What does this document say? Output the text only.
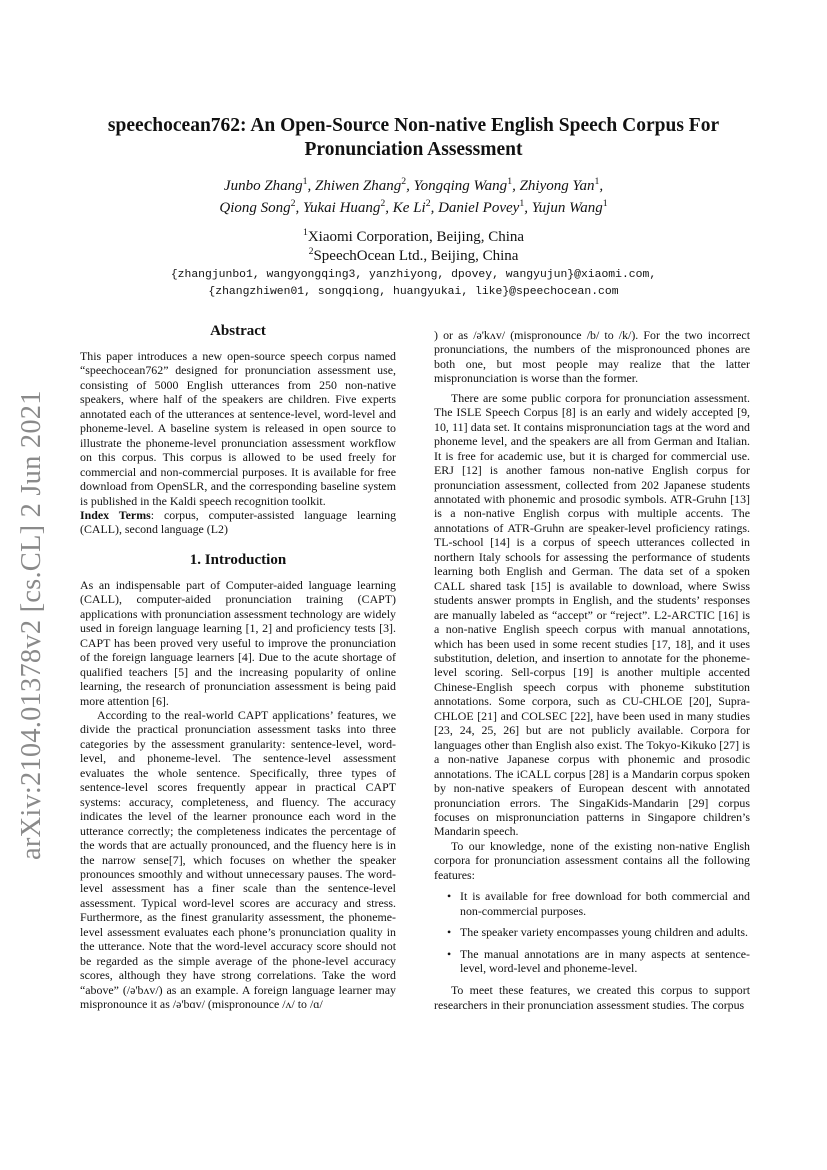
arXiv:2104.01378v2 [cs.CL] 2 Jun 2021
speechocean762: An Open-Source Non-native English Speech Corpus For Pronunciation Assessment
Junbo Zhang$^1$, Zhiwen Zhang$^2$, Yongqing Wang$^1$, Zhiyong Yan$^1$,
Qiong Song$^2$, Yukai Huang$^2$, Ke Li$^2$, Daniel Povey$^1$, Yujun Wang$^1$
$^1$Xiaomi Corporation, Beijing, China
$^2$SpeechOcean Ltd., Beijing, China
{zhangjunbo1, wangyongqing3, yanzhiyong, dpovey, wangyujun}@xiaomi.com,
{zhangzhiwen01, songqiong, huangyukai, like}@speechocean.com
Abstract

This paper introduces a new open-source speech corpus named “speechocean762” designed for pronunciation assessment use, consisting of 5000 English utterances from 250 non-native speakers, where half of the speakers are children. Five experts annotated each of the utterances at sentence-level, word-level and phoneme-level. A baseline system is released in open source to illustrate the phoneme-level pronunciation assessment workflow on this corpus. This corpus is allowed to be used freely for commercial and non-commercial purposes. It is available for free download from OpenSLR, and the corresponding baseline system is published in the Kaldi speech recognition toolkit.

Index Terms: corpus, computer-assisted language learning (CALL), second language (L2)

1. Introduction

As an indispensable part of Computer-aided language learning (CALL), computer-aided pronunciation training (CAPT) applications with pronunciation assessment technology are widely used in foreign language learning [1, 2] and proficiency tests [3]. CAPT has been proved very useful to improve the pronunciation of the foreign language learners [4]. Due to the acute shortage of qualified teachers [5] and the increasing popularity of online learning, the research of pronunciation assessment is being paid more attention [6].

According to the real-world CAPT applications’ features, we divide the practical pronunciation assessment tasks into three categories by the assessment granularity: sentence-level, word-level, and phoneme-level. The sentence-level assessment evaluates the whole sentence. Specifically, three types of sentence-level scores frequently appear in practical CAPT systems: accuracy, completeness, and fluency. The accuracy indicates the level of the learner pronounce each word in the utterance correctly; the completeness indicates the percentage of the words that are actually pronounced, and the fluency here is in the narrow sense[7], which focuses on whether the speaker pronounces smoothly and without unnecessary pauses. The word-level assessment has a finer scale than the sentence-level assessment. Typical word-level scores are accuracy and stress. Furthermore, as the finest granularity assessment, the phoneme-level assessment evaluates each phone’s pronunciation quality in the utterance. Note that the word-level accuracy score should not be regarded as the simple average of the phone-level accuracy scores, although they have strong correlations. Take the word “above” (/ə'bʌv/) as an example. A foreign language learner may mispronounce it as /ə'bɑv/ (mispronounce /ʌ/ to /ɑ/

) or as /ə'kʌv/ (mispronounce /b/ to /k/). For the two incorrect pronunciations, the numbers of the mispronounced phones are both one, but most people may realize that the latter mispronunciation is worse than the former.

There are some public corpora for pronunciation assessment. The ISLE Speech Corpus [8] is an early and widely accepted [9, 10, 11] data set. It contains mispronunciation tags at the word and phoneme level, and the speakers are all from German and Italian. It is free for academic use, but it is charged for commercial use. ERJ [12] is another famous non-native English corpus for pronunciation assessment, collected from 202 Japanese students annotated with phonemic and prosodic symbols. ATR-Gruhn [13] is a non-native English corpus with multiple accents. The annotations of ATR-Gruhn are speaker-level proficiency ratings. TL-school [14] is a corpus of speech utterances collected in northern Italy schools for assessing the performance of students learning both English and German. The data set of a spoken CALL shared task [15] is available to download, where Swiss students answer prompts in English, and the students’ responses are manually labeled as “accept” or “reject”. L2-ARCTIC [16] is a non-native English speech corpus with manual annotations, which has been used in some recent studies [17, 18], and it uses substitution, deletion, and insertion to annotate for the phoneme-level scoring. Sell-corpus [19] is another multiple accented Chinese-English speech corpus with phoneme substitution annotations. Some corpora, such as CU-CHLOE [20], Supra-CHLOE [21] and COLSEC [22], have been used in many studies [23, 24, 25, 26] but are not publicly available. Corpora for languages other than English also exist. The Tokyo-Kikuko [27] is a non-native Japanese corpus with phonemic and prosodic annotations. The iCALL corpus [28] is a Mandarin corpus spoken by non-native speakers of European descent with annotated pronunciation errors. The SingaKids-Mandarin [29] corpus focuses on mispronunciation patterns in Singapore children’s Mandarin speech.

To our knowledge, none of the existing non-native English corpora for pronunciation assessment contains all the following features:

• It is available for free download for both commercial and non-commercial purposes.
• The speaker variety encompasses young children and adults.
• The manual annotations are in many aspects at sentence-level, word-level and phoneme-level.

To meet these features, we created this corpus to support researchers in their pronunciation assessment studies. The corpus
